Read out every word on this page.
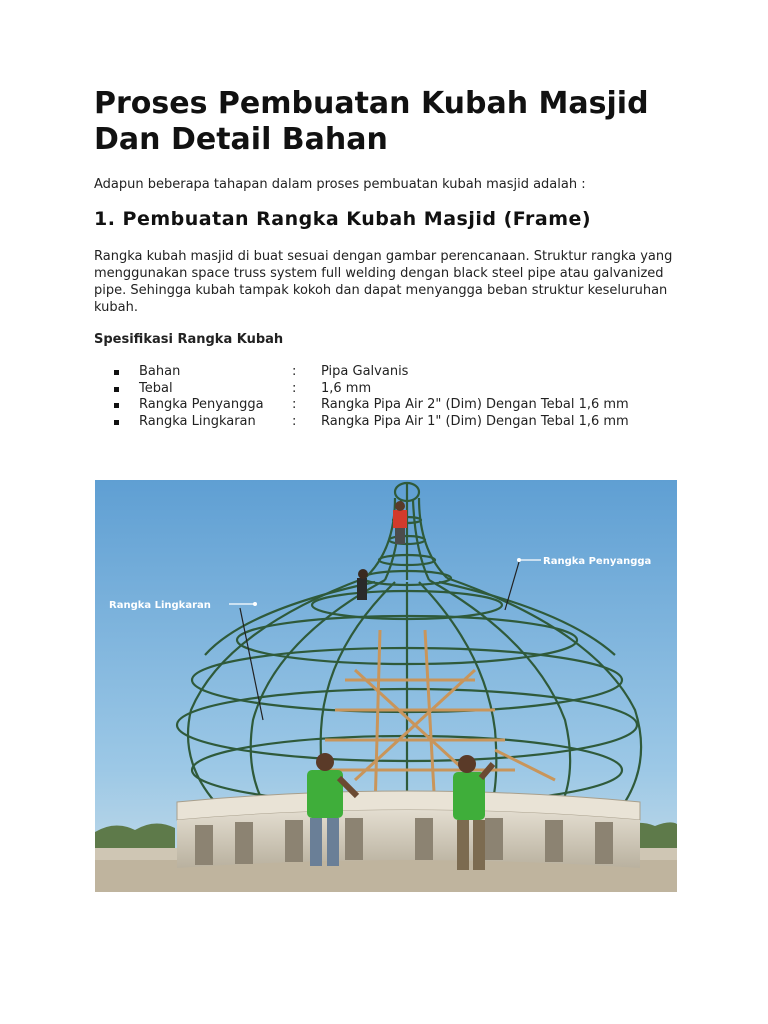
Proses Pembuatan Kubah Masjid Dan Detail Bahan

Adapun beberapa tahapan dalam proses pembuatan kubah masjid adalah :

1. Pembuatan Rangka Kubah Masjid (Frame)

Rangka kubah masjid di buat sesuai dengan gambar perencanaan. Struktur rangka yang menggunakan space truss system full welding dengan black steel pipe atau galvanized pipe. Sehingga kubah tampak kokoh dan dapat menyangga beban struktur keseluruhan kubah.

Spesifikasi Rangka Kubah

Bahan	: Pipa Galvanis
Tebal	: 1,6 mm
Rangka Penyangga : Rangka Pipa Air 2" (Dim) Dengan Tebal 1,6 mm
Rangka Lingkaran	: Rangka Pipa Air 1" (Dim) Dengan Tebal 1,6 mm
Rangka Lingkaran
Rangka Penyangga
